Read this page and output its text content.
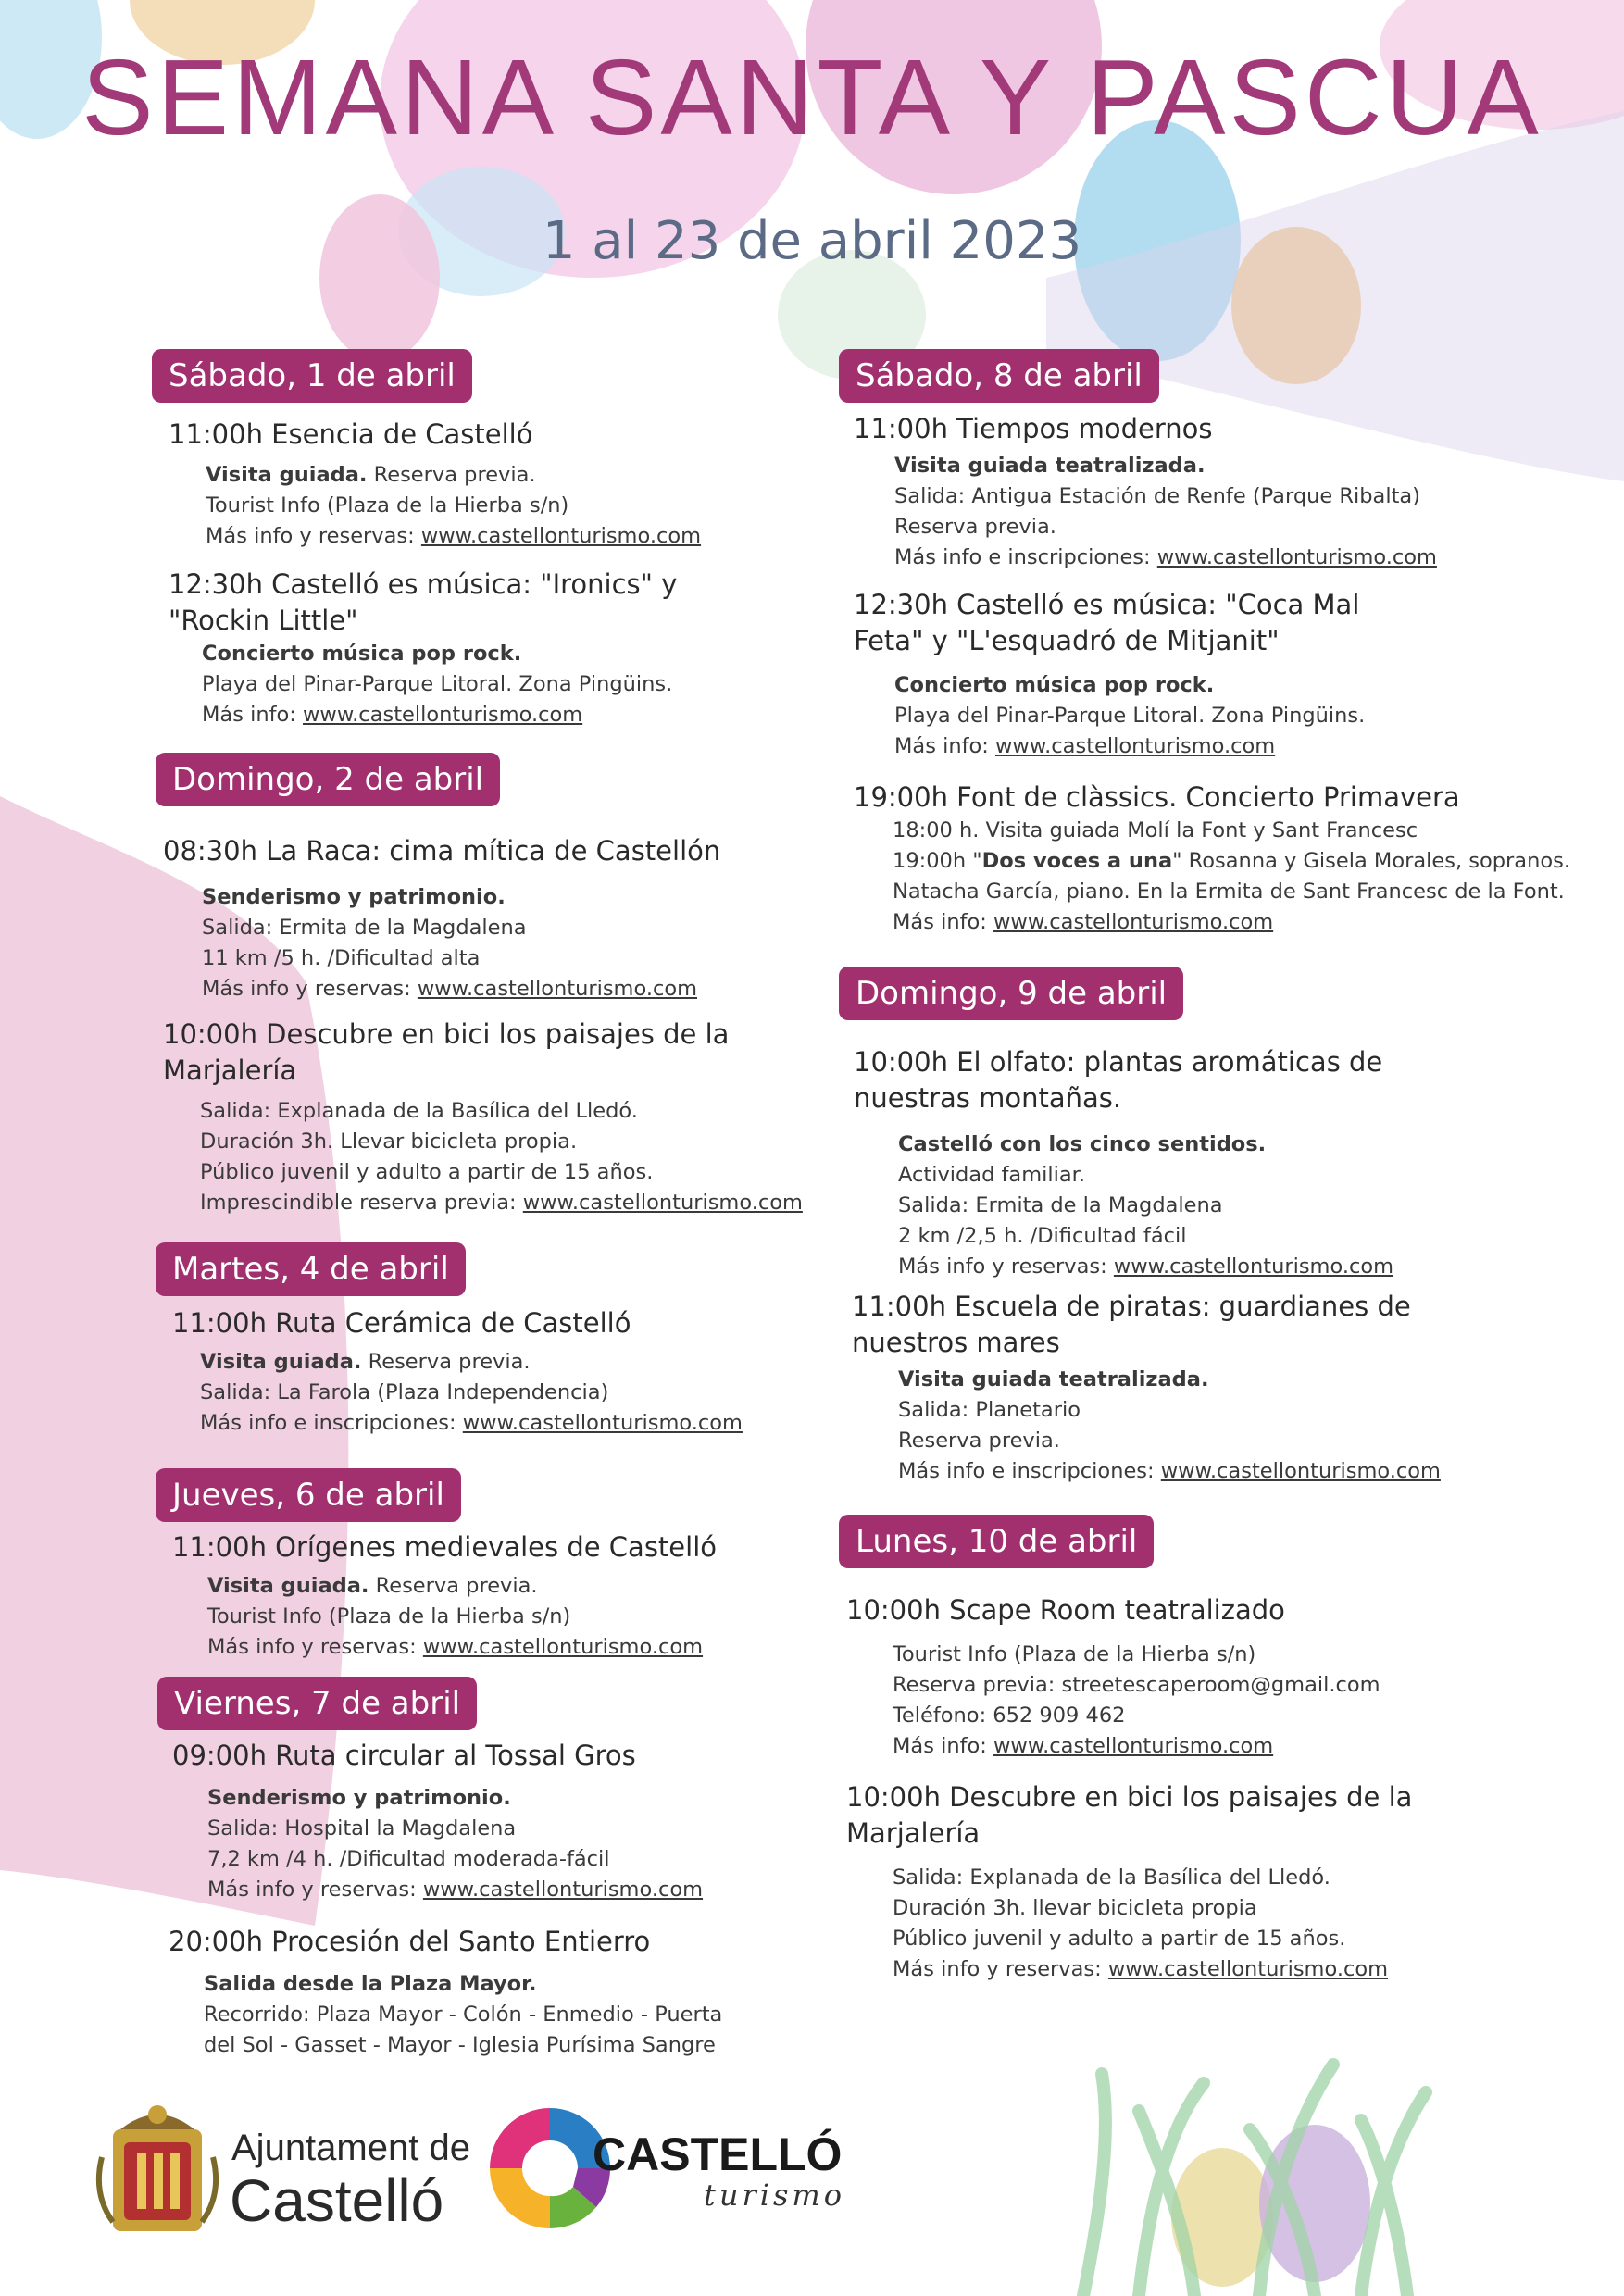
SEMANA SANTA Y PASCUA
1 al 23 de abril 2023
Sábado, 1 de abril
11:00h Esencia de Castelló
Visita guiada. Reserva previa.
Tourist Info (Plaza de la Hierba s/n)
Más info y reservas: www.castellonturismo.com
12:30h Castelló es música: "Ironics" y "Rockin Little"
Concierto música pop rock.
Playa del Pinar-Parque Litoral. Zona Pingüins.
Más info: www.castellonturismo.com
Domingo, 2 de abril
08:30h La Raca: cima mítica de Castellón
Senderismo y patrimonio.
Salida: Ermita de la Magdalena
11 km /5 h. /Dificultad alta
Más info y reservas: www.castellonturismo.com
10:00h Descubre en bici los paisajes de la Marjalería
Salida: Explanada de la Basílica del Lledó.
Duración 3h. Llevar bicicleta propia.
Público juvenil y adulto a partir de 15 años.
Imprescindible reserva previa: www.castellonturismo.com
Martes, 4 de abril
11:00h Ruta Cerámica de Castelló
Visita guiada. Reserva previa.
Salida: La Farola (Plaza Independencia)
Más info e inscripciones: www.castellonturismo.com
Jueves, 6 de abril
11:00h Orígenes medievales de Castelló
Visita guiada. Reserva previa.
Tourist Info (Plaza de la Hierba s/n)
Más info y reservas: www.castellonturismo.com
Viernes, 7 de abril
09:00h Ruta circular al Tossal Gros
Senderismo y patrimonio.
Salida: Hospital la Magdalena
7,2 km /4 h. /Dificultad moderada-fácil
Más info y reservas: www.castellonturismo.com
20:00h Procesión del Santo Entierro
Salida desde la Plaza Mayor.
Recorrido: Plaza Mayor - Colón - Enmedio - Puerta
del Sol - Gasset - Mayor - Iglesia Purísima Sangre
Sábado, 8 de abril
11:00h Tiempos modernos
Visita guiada teatralizada.
Salida: Antigua Estación de Renfe (Parque Ribalta)
Reserva previa.
Más info e inscripciones: www.castellonturismo.com
12:30h Castelló es música: "Coca Mal Feta" y "L'esquadró de Mitjanit"
Concierto música pop rock.
Playa del Pinar-Parque Litoral. Zona Pingüins.
Más info: www.castellonturismo.com
19:00h Font de clàssics. Concierto Primavera
18:00 h. Visita guiada Molí la Font y Sant Francesc
19:00h "Dos voces a una" Rosanna y Gisela Morales, sopranos.
Natacha García, piano. En la Ermita de Sant Francesc de la Font.
Más info: www.castellonturismo.com
Domingo, 9 de abril
10:00h El olfato: plantas aromáticas de nuestras montañas.
Castelló con los cinco sentidos.
Actividad familiar.
Salida: Ermita de la Magdalena
2 km /2,5 h. /Dificultad fácil
Más info y reservas: www.castellonturismo.com
11:00h Escuela de piratas: guardianes de nuestros mares
Visita guiada teatralizada.
Salida: Planetario
Reserva previa.
Más info e inscripciones: www.castellonturismo.com
Lunes, 10 de abril
10:00h Scape Room teatralizado
Tourist Info (Plaza de la Hierba s/n)
Reserva previa: streetescaperoom@gmail.com
Teléfono: 652 909 462
Más info: www.castellonturismo.com
10:00h Descubre en bici los paisajes de la Marjalería
Salida: Explanada de la Basílica del Lledó.
Duración 3h. llevar bicicleta propia
Público juvenil y adulto a partir de 15 años.
Más info y reservas: www.castellonturismo.com
Ajuntament de
Castelló
CASTELLÓ
turismo
